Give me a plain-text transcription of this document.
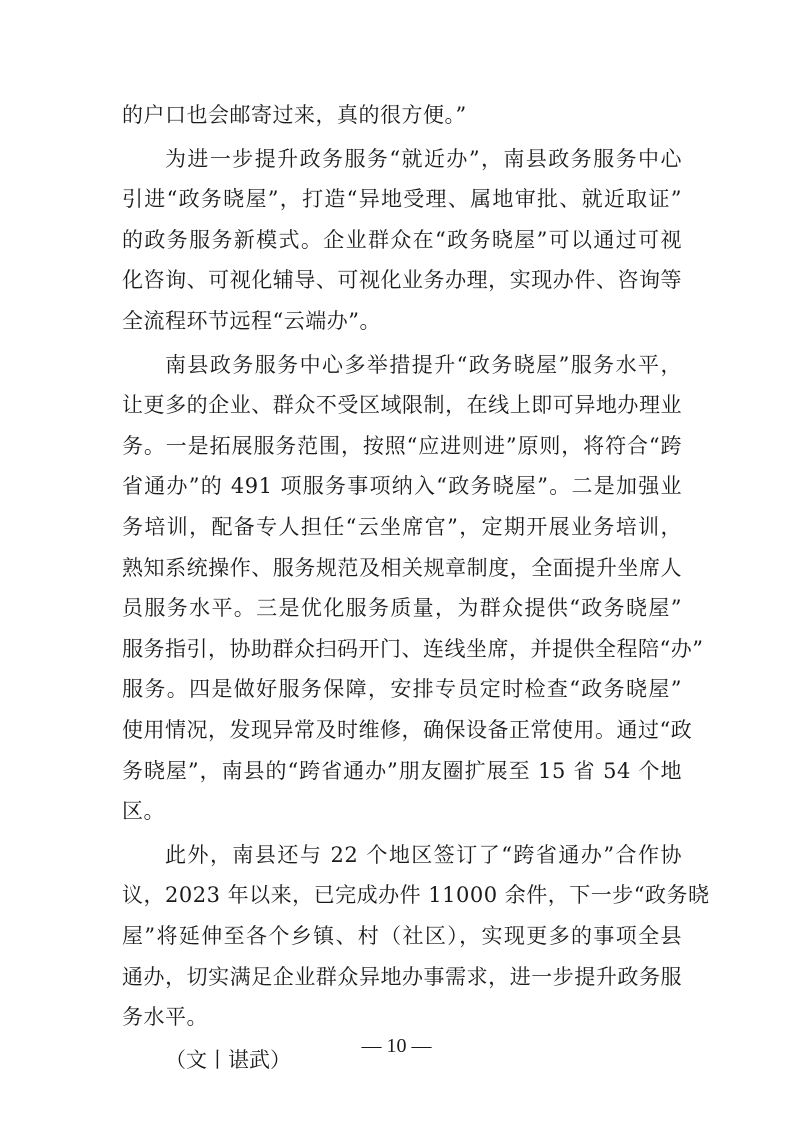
的户口也会邮寄过来，真的很方便。”
为进一步提升政务服务“就近办”，南县政务服务中心
引进“政务晓屋”，打造“异地受理、属地审批、就近取证”
的政务服务新模式。企业群众在“政务晓屋”可以通过可视
化咨询、可视化辅导、可视化业务办理，实现办件、咨询等
全流程环节远程“云端办”。
南县政务服务中心多举措提升“政务晓屋”服务水平，
让更多的企业、群众不受区域限制，在线上即可异地办理业
务。一是拓展服务范围，按照“应进则进”原则，将符合“跨
省通办”的 491 项服务事项纳入“政务晓屋”。二是加强业
务培训，配备专人担任“云坐席官”，定期开展业务培训，
熟知系统操作、服务规范及相关规章制度，全面提升坐席人
员服务水平。三是优化服务质量，为群众提供“政务晓屋”
服务指引，协助群众扫码开门、连线坐席，并提供全程陪“办”
服务。四是做好服务保障，安排专员定时检查“政务晓屋”
使用情况，发现异常及时维修，确保设备正常使用。通过“政
务晓屋”，南县的“跨省通办”朋友圈扩展至 15 省 54 个地
区。
此外，南县还与 22 个地区签订了“跨省通办”合作协
议，2023 年以来，已完成办件 11000 余件，下一步“政务晓
屋”将延伸至各个乡镇、村（社区），实现更多的事项全县
通办，切实满足企业群众异地办事需求，进一步提升政务服
务水平。
（文丨谌武）
— 10 —
